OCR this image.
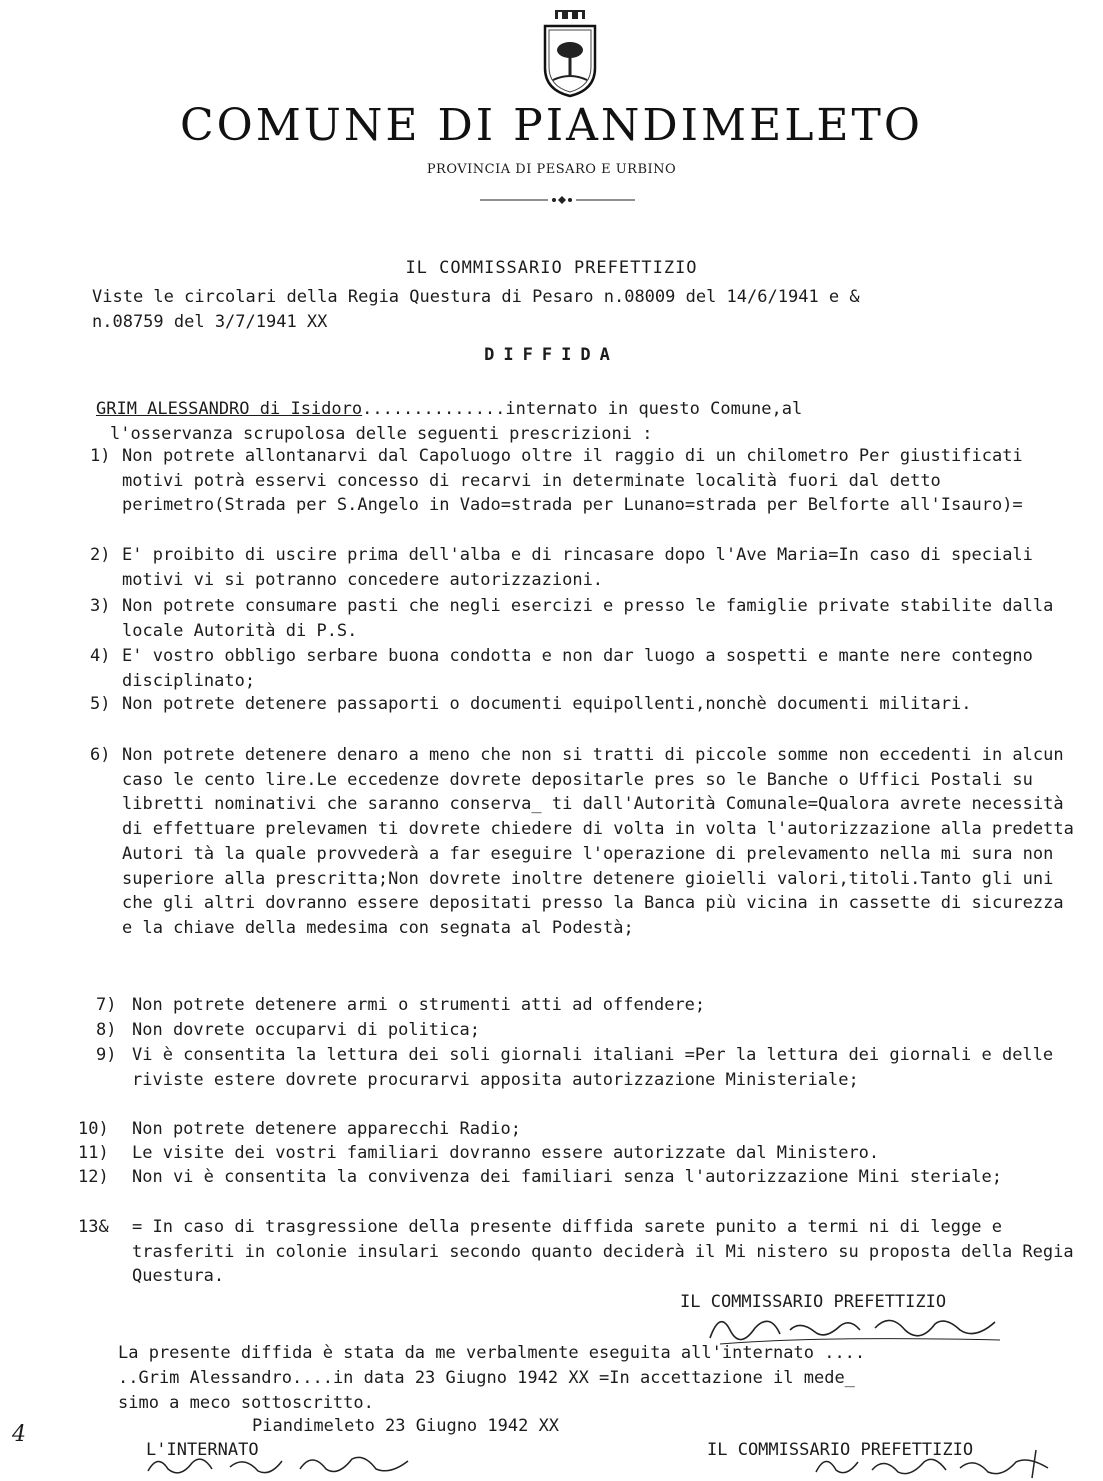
COMUNE DI PIANDIMELETO
PROVINCIA DI PESARO E URBINO
IL COMMISSARIO PREFETTIZIO
Viste le circolari della Regia Questura di Pesaro n.08009 del 14/6/1941 e &
n.08759 del 3/7/1941 XX
DIFFIDA
GRIM ALESSANDRO di Isidoro..............internato in questo Comune,al
l'osservanza scrupolosa delle seguenti prescrizioni :
1) Non potrete allontanarvi dal Capoluogo oltre il raggio di un chilometro Per giustificati motivi potrà esservi concesso di recarvi in determinate località fuori dal detto perimetro(Strada per S.Angelo in Vado=strada per Lunano=strada per Belforte all'Isauro)=
2) E' proibito di uscire prima dell'alba e di rincasare dopo l'Ave Maria=In caso di speciali motivi vi si potranno concedere autorizzazioni.
3) Non potrete consumare pasti che negli esercizi e presso le famiglie private stabilite dalla locale Autorità di P.S.
4) E' vostro obbligo serbare buona condotta e non dar luogo a sospetti e mante nere contegno disciplinato;
5) Non potrete detenere passaporti o documenti equipollenti,nonchè documenti militari.
6) Non potrete detenere denaro a meno che non si tratti di piccole somme non eccedenti in alcun caso le cento lire.Le eccedenze dovrete depositarle pres so le Banche o Uffici Postali su libretti nominativi che saranno conserva_ ti dall'Autorità Comunale=Qualora avrete necessità di effettuare prelevamen ti dovrete chiedere di volta in volta l'autorizzazione alla predetta Autori tà la quale provvederà a far eseguire l'operazione di prelevamento nella mi sura non superiore alla prescritta;Non dovrete inoltre detenere gioielli valori,titoli.Tanto gli uni che gli altri dovranno essere depositati presso la Banca più vicina in cassette di sicurezza e la chiave della medesima con segnata al Podestà;
7) Non potrete detenere armi o strumenti atti ad offendere;
8) Non dovrete occuparvi di politica;
9) Vi è consentita la lettura dei soli giornali italiani =Per la lettura dei giornali e delle riviste estere dovrete procurarvi apposita autorizzazione Ministeriale;
10) Non potrete detenere apparecchi Radio;
11) Le visite dei vostri familiari dovranno essere autorizzate dal Ministero.
12) Non vi è consentita la convivenza dei familiari senza l'autorizzazione Mini steriale;
13& = In caso di trasgressione della presente diffida sarete punito a termi ni di legge e trasferiti in colonie insulari secondo quanto deciderà il Mi nistero su proposta della Regia Questura.
IL COMMISSARIO PREFETTIZIO
La presente diffida è stata da me verbalmente eseguita all'internato ....
..Grim Alessandro....in data 23 Giugno 1942 XX =In accettazione il mede_
simo a meco sottoscritto.
Piandimeleto 23 Giugno 1942 XX
L'INTERNATO	IL COMMISSARIO PREFETTIZIO
4
